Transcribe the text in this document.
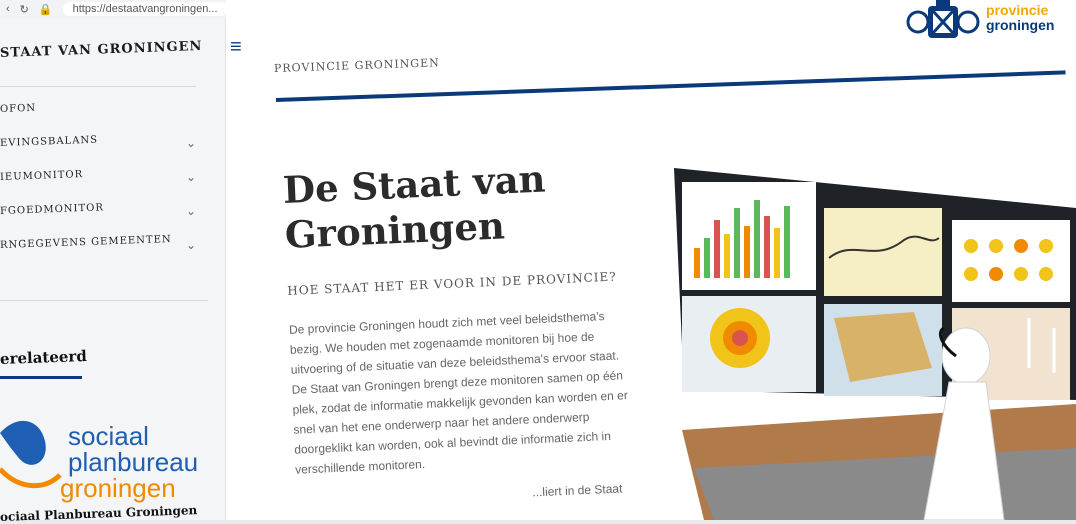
‹ ↻ 🔒	https://destaatvangroningen...
STAAT VAN GRONINGEN
OFON
EVINGSBALANS	⌄
IEUMONITOR	⌄
FGOEDMONITOR	⌄
RNGEGEVENS GEMEENTEN ⌄
erelateerd
sociaal
planbureau
groningen
ociaal Planbureau Groningen
≡
PROVINCIE GRONINGEN
provincie
groningen
De Staat van
Groningen
HOE STAAT HET ER VOOR IN DE PROVINCIE?
De provincie Groningen houdt zich met veel beleidsthema's bezig. We houden met zogenaamde monitoren bij hoe de uitvoering of de situatie van deze beleidsthema's ervoor staat. De Staat van Groningen brengt deze monitoren samen op één plek, zodat de informatie makkelijk gevonden kan worden en er snel van het ene onderwerp naar het andere onderwerp doorgeklikt kan worden, ook al bevindt die informatie zich in verschillende monitoren.
...liert in de Staat
